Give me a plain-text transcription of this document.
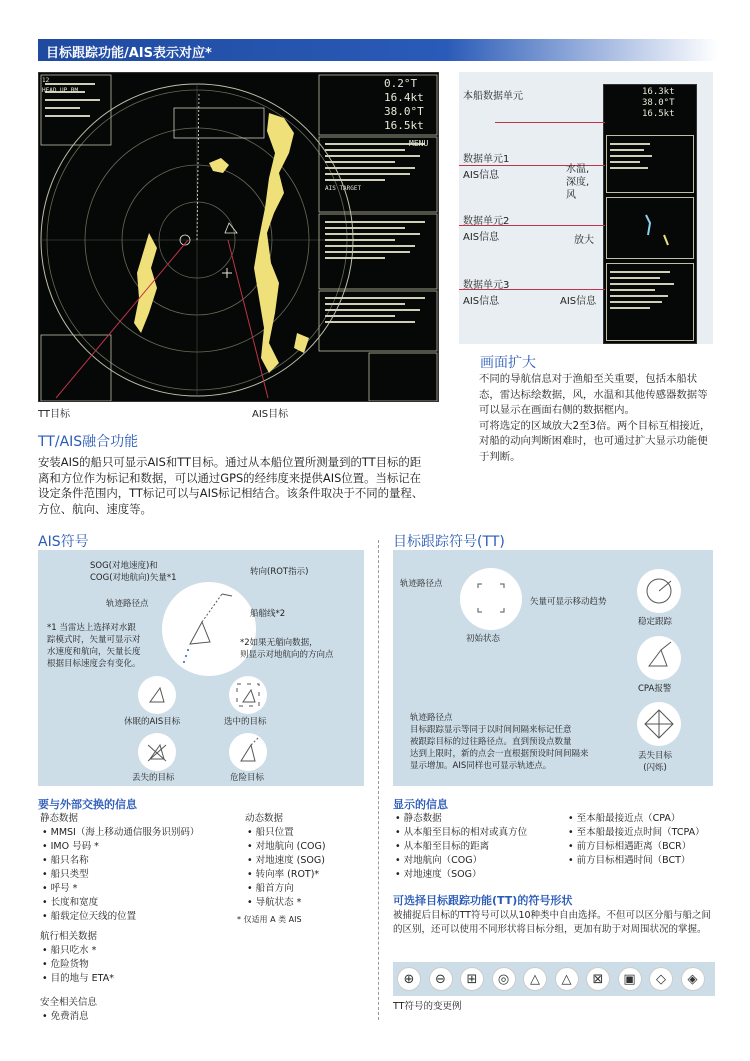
目标跟踪功能/AIS表示对应*
12
HEAD UP RM
0.2°T
16.4kt
38.0°T
16.5kt
MENU
AIS TARGET
TT目标	AIS目标
16.3kt
38.0°T
16.5kt
本船数据单元
数据单元1
AIS信息
数据单元2
AIS信息
数据单元3
AIS信息
水温,
深度,
风
放大
AIS信息
画面扩大
不同的导航信息对于渔船至关重要，包括本船状态，雷达标绘数据，风，水温和其他传感器数据等可以显示在画面右侧的数据框内。
可将选定的区域放大2至3倍。两个目标互相接近，对船的动向判断困难时，也可通过扩大显示功能便于判断。
TT/AIS融合功能
安装AIS的船只可显示AIS和TT目标。通过从本船位置所测量到的TT目标的距离和方位作为标记和数据，可以通过GPS的经纬度来提供AIS位置。当标记在设定条件范围内，TT标记可以与AIS标记相结合。该条件取决于不同的量程、方位、航向、速度等。
AIS符号
SOG(对地速度)和
COG(对地航向)矢量*1
转向(ROT指示)
轨迹路径点
船艏线*2
*1 当雷达上选择对水跟
踪模式时，矢量可显示对
水速度和航向，矢量长度
根据目标速度会有变化。
*2如果无艏向数据，
则显示对地航向的方向点
休眠的AIS目标	选中的目标
丢失的目标	危险目标
目标跟踪符号(TT)
轨迹路径点
矢量可显示移动趋势
初始状态
稳定跟踪
CPA报警
丢失目标
(闪烁)
轨迹路径点
目标跟踪显示等同于以时间间隔来标记任意
被跟踪目标的过往路径点。直到预设点数量
达到上限时，新的点会一直根据预设时间间隔来
显示增加。AIS同样也可显示轨迹点。
要与外部交换的信息
静态数据
• MMSI（海上移动通信服务识别码）
• IMO 号码 *
• 船只名称
• 船只类型
• 呼号 *
• 长度和宽度
• 船载定位天线的位置
动态数据
• 船只位置
• 对地航向 (COG)
• 对地速度 (SOG)
• 转向率 (ROT)*
• 船首方向
• 导航状态 *
* 仅适用 A 类 AIS
航行相关数据
• 船只吃水 *
• 危险货物
• 目的地与 ETA*
安全相关信息
• 免费消息
显示的信息
• 静态数据
• 从本船至目标的相对或真方位
• 从本船至目标的距离
• 对地航向（COG）
• 对地速度（SOG）
• 至本船最接近点（CPA）
• 至本船最接近点时间（TCPA）
• 前方目标相遇距离（BCR）
• 前方目标相遇时间（BCT）
可选择目标跟踪功能(TT)的符号形状
被捕捉后目标的TT符号可以从10种类中自由选择。不但可以区分船与船之间的区别，还可以使用不同形状将目标分组，更加有助于对周围状况的掌握。
⊕	⊖	⊞	◎	△	△	⊠	▣	◇	◈
TT符号的变更例
